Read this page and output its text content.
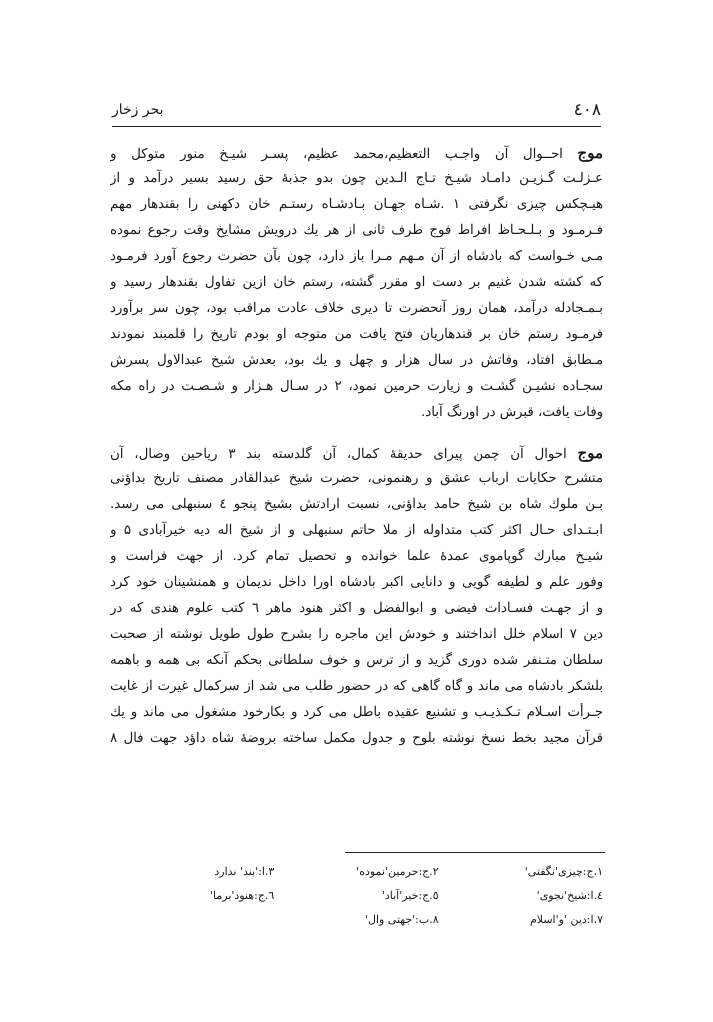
٤٠٨
بحر زخار
موج احــوال آن واجـب التعظیم،محمد عظیم، پسـر شیـخ منور متوکل و
عـزلـت گـزیـن دامـاد شیـخ تـاج الـدین چون بدو جذبهٔ حق رسید بسیر درآمد و از
هیـچکس چیزی نگرفتی ۱ .شـاه جهـان بـادشـاه رستـم خان دکهنی را بقندهار مهم
فـرمـود و بـلـحـاظ افراط فوج طرف ثانی از هر یك درویش مشایخ وقت رجوع نموده
مـی خـواست که بادشاه از آن مـهم مـرا باز دارد، چون بآن حضرت رجوع آورد فرمـود
که کشته شدن غنیم بر دست او مقرر گشته، رستم خان ازین تفاول بقندهار رسید و
بـمـجادله درآمد، همان روز آنحضرت تا دیری خلاف عادت مراقب بود، چون سر برآورد
فرمـود رستم خان بر قندهاریان فتح یافت من متوجه او بودم تاریخ را قلمبند نمودند
مـطابق افتاد، وفاتش در سال هزار و چهل و یك بود، بعدش شیخ عبدالاول پسرش
سجـاده نشیـن گشـت و زیارت حرمین نمود، ۲ در سـال هـزار و شـصـت در راه مکه
وفات یافت، قبرش در اورنگ آباد.
موج احوال آن چمن پیرای حدیقهٔ کمال، آن گلدسته بند ۳ ریاحین وصال، آن
متشرح حکایات ارباب عشق و رهنمونی، حضرت شیخ عبدالقادر مصنف تاریخ بداؤنی
بـن ملوك شاه بن شیخ حامد بداؤنی، نسبت ارادتش بشیخ پنجو ٤ سنبهلی می رسد.
ابـتـدای حـال اکثر کتب متداوله از ملا حاتم سنبهلی و از شیخ اله دیه خیرآبادی ۵ و
شیـخ مبارك گوپاموی عمدهٔ علما خوانده و تحصیل تمام کرد. از جهت فراست و
وفور علم و لطیفه گویی و دانایی اکبر بادشاه اورا داخل ندیمان و همنشینان خود کرد
و از جهـت فسـادات فیضی و ابوالفضل و اکثر هنود ماهر ٦ کتب علوم هندی که در
دین ۷ اسلام خلل انداختند و خودش این ماجره را بشرح طول طویل نوشته از صحبت
سلطان متـنفر شده دوری گزید و از ترس و خوف سلطانی بحکم آنکه بی همه و باهمه
بلشکر بادشاه می ماند و گاه گاهی که در حضور طلب می شد از سرکمال غیرت از غایت
جـرأت اسـلام تـکـذیـب و تشنیع عقیده باطل می کرد و بکارخود مشغول می ماند و یك
قرآن مجید بخط نسخ نوشته بلوح و جدول مکمل ساخته بروضهٔ شاه داؤد جهت فال ۸
١.ج:چیزی'نگفتی'
٢.ج:حرمین'نموده'
٣.ا:'بند' ندارد
٤.ا:شیخ'نجوی'
٥.ج:خیر'آباد'
٦.ج:هنود'برما'
٧.ا:دین 'و'اسلام
٨.ب:'جهتی وال'
